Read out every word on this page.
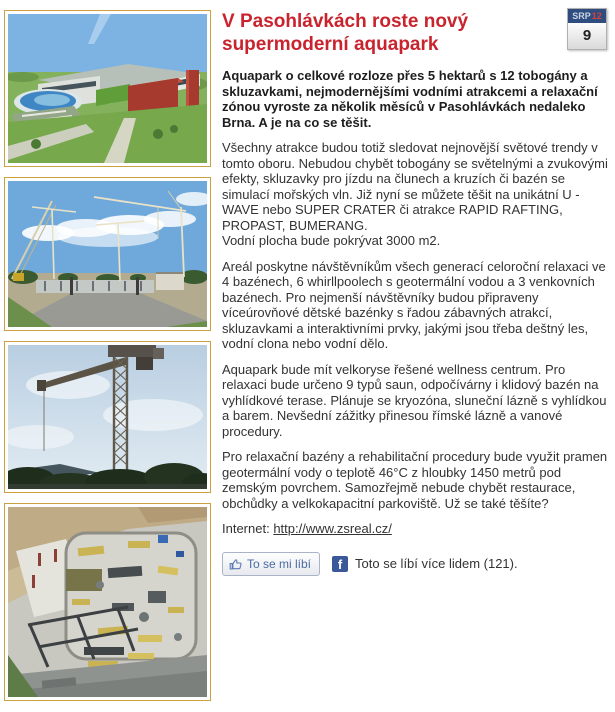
SRP 12
9
V Pasohlávkách roste nový supermoderní aquapark

Aquapark o celkové rozloze přes 5 hektarů s 12 tobogány a skluzavkami, nejmodernějšími vodními atrakcemi a relaxační zónou vyroste za několik měsíců v Pasohlávkách nedaleko Brna. A je na co se těšit.

Všechny atrakce budou totiž sledovat nejnovější světové trendy v tomto oboru. Nebudou chybět tobogány se světelnými a zvukovými efekty, skluzavky pro jízdu na člunech a kruzích či bazén se simulací mořských vln. Již nyní se můžete těšit na unikátní U - WAVE nebo SUPER CRATER či atrakce RAPID RAFTING, PROPAST, BUMERANG.

Vodní plocha bude pokrývat 3000 m2.

Areál poskytne návštěvníkům všech generací celoroční relaxaci ve 4 bazénech, 6 whirllpoolech s geotermální vodou a 3 venkovních bazénech. Pro nejmenší návštěvníky budou připraveny víceúrovňové dětské bazénky s řadou zábavných atrakcí, skluzavkami a interaktivními prvky, jakými jsou třeba deštný les, vodní clona nebo vodní dělo.

Aquapark bude mít velkoryse řešené wellness centrum. Pro relaxaci bude určeno 9 typů saun, odpočívárny i klidový bazén na vyhlídkové terase. Plánuje se kryozóna, sluneční lázně s vyhlídkou a barem. Nevšední zážitky přinesou římské lázně a vanové procedury.

Pro relaxační bazény a rehabilitační procedury bude využit pramen geotermální vody o teplotě 46°C z hloubky 1450 metrů pod zemským povrchem. Samozřejmě nebude chybět restaurace, obchůdky a velkokapacitní parkoviště. Už se také těšíte?

Internet: http://www.zsreal.cz/

To se mi líbí f Toto se líbí více lidem (121).
